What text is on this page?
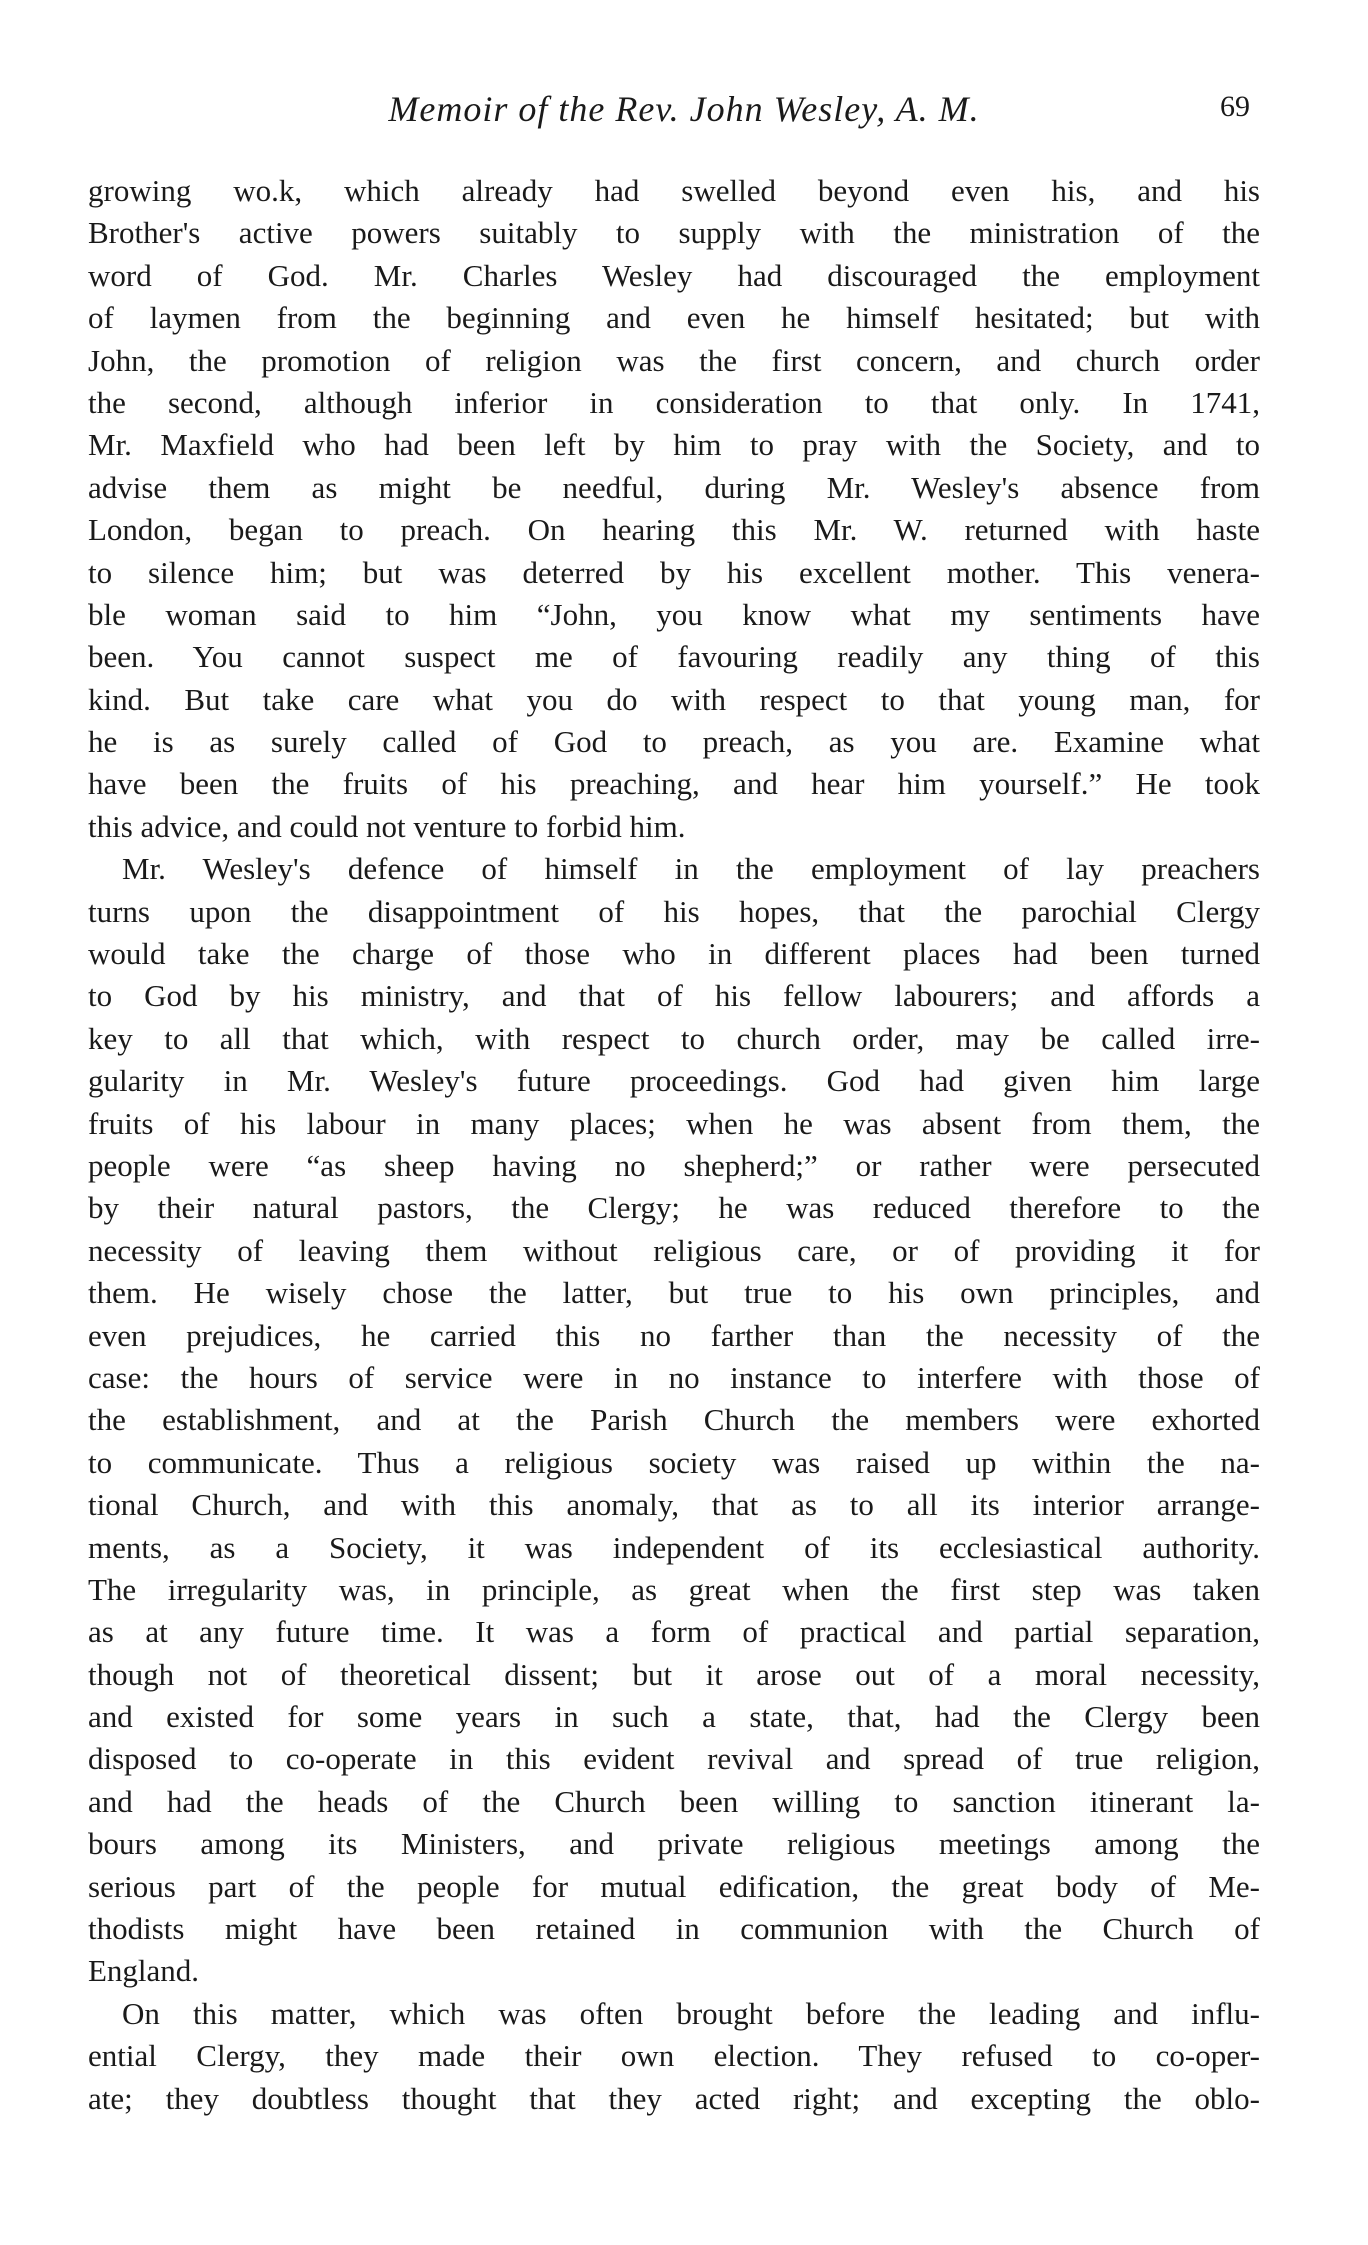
Memoir of the Rev. John Wesley, A. M.	69
growing wo.k, which already had swelled beyond even his, and his
Brother's active powers suitably to supply with the ministration of the
word of God. Mr. Charles Wesley had discouraged the employment
of laymen from the beginning and even he himself hesitated; but with
John, the promotion of religion was the first concern, and church order
the second, although inferior in consideration to that only. In 1741,
Mr. Maxfield who had been left by him to pray with the Society, and to
advise them as might be needful, during Mr. Wesley's absence from
London, began to preach. On hearing this Mr. W. returned with haste
to silence him; but was deterred by his excellent mother. This venera-
ble woman said to him “John, you know what my sentiments have
been. You cannot suspect me of favouring readily any thing of this
kind. But take care what you do with respect to that young man, for
he is as surely called of God to preach, as you are. Examine what
have been the fruits of his preaching, and hear him yourself.” He took
this advice, and could not venture to forbid him.
Mr. Wesley's defence of himself in the employment of lay preachers
turns upon the disappointment of his hopes, that the parochial Clergy
would take the charge of those who in different places had been turned
to God by his ministry, and that of his fellow labourers; and affords a
key to all that which, with respect to church order, may be called irre-
gularity in Mr. Wesley's future proceedings. God had given him large
fruits of his labour in many places; when he was absent from them, the
people were “as sheep having no shepherd;” or rather were persecuted
by their natural pastors, the Clergy; he was reduced therefore to the
necessity of leaving them without religious care, or of providing it for
them. He wisely chose the latter, but true to his own principles, and
even prejudices, he carried this no farther than the necessity of the
case: the hours of service were in no instance to interfere with those of
the establishment, and at the Parish Church the members were exhorted
to communicate. Thus a religious society was raised up within the na-
tional Church, and with this anomaly, that as to all its interior arrange-
ments, as a Society, it was independent of its ecclesiastical authority.
The irregularity was, in principle, as great when the first step was taken
as at any future time. It was a form of practical and partial separation,
though not of theoretical dissent; but it arose out of a moral necessity,
and existed for some years in such a state, that, had the Clergy been
disposed to co-operate in this evident revival and spread of true religion,
and had the heads of the Church been willing to sanction itinerant la-
bours among its Ministers, and private religious meetings among the
serious part of the people for mutual edification, the great body of Me-
thodists might have been retained in communion with the Church of
England.
On this matter, which was often brought before the leading and influ-
ential Clergy, they made their own election. They refused to co-oper-
ate; they doubtless thought that they acted right; and excepting the oblo-
